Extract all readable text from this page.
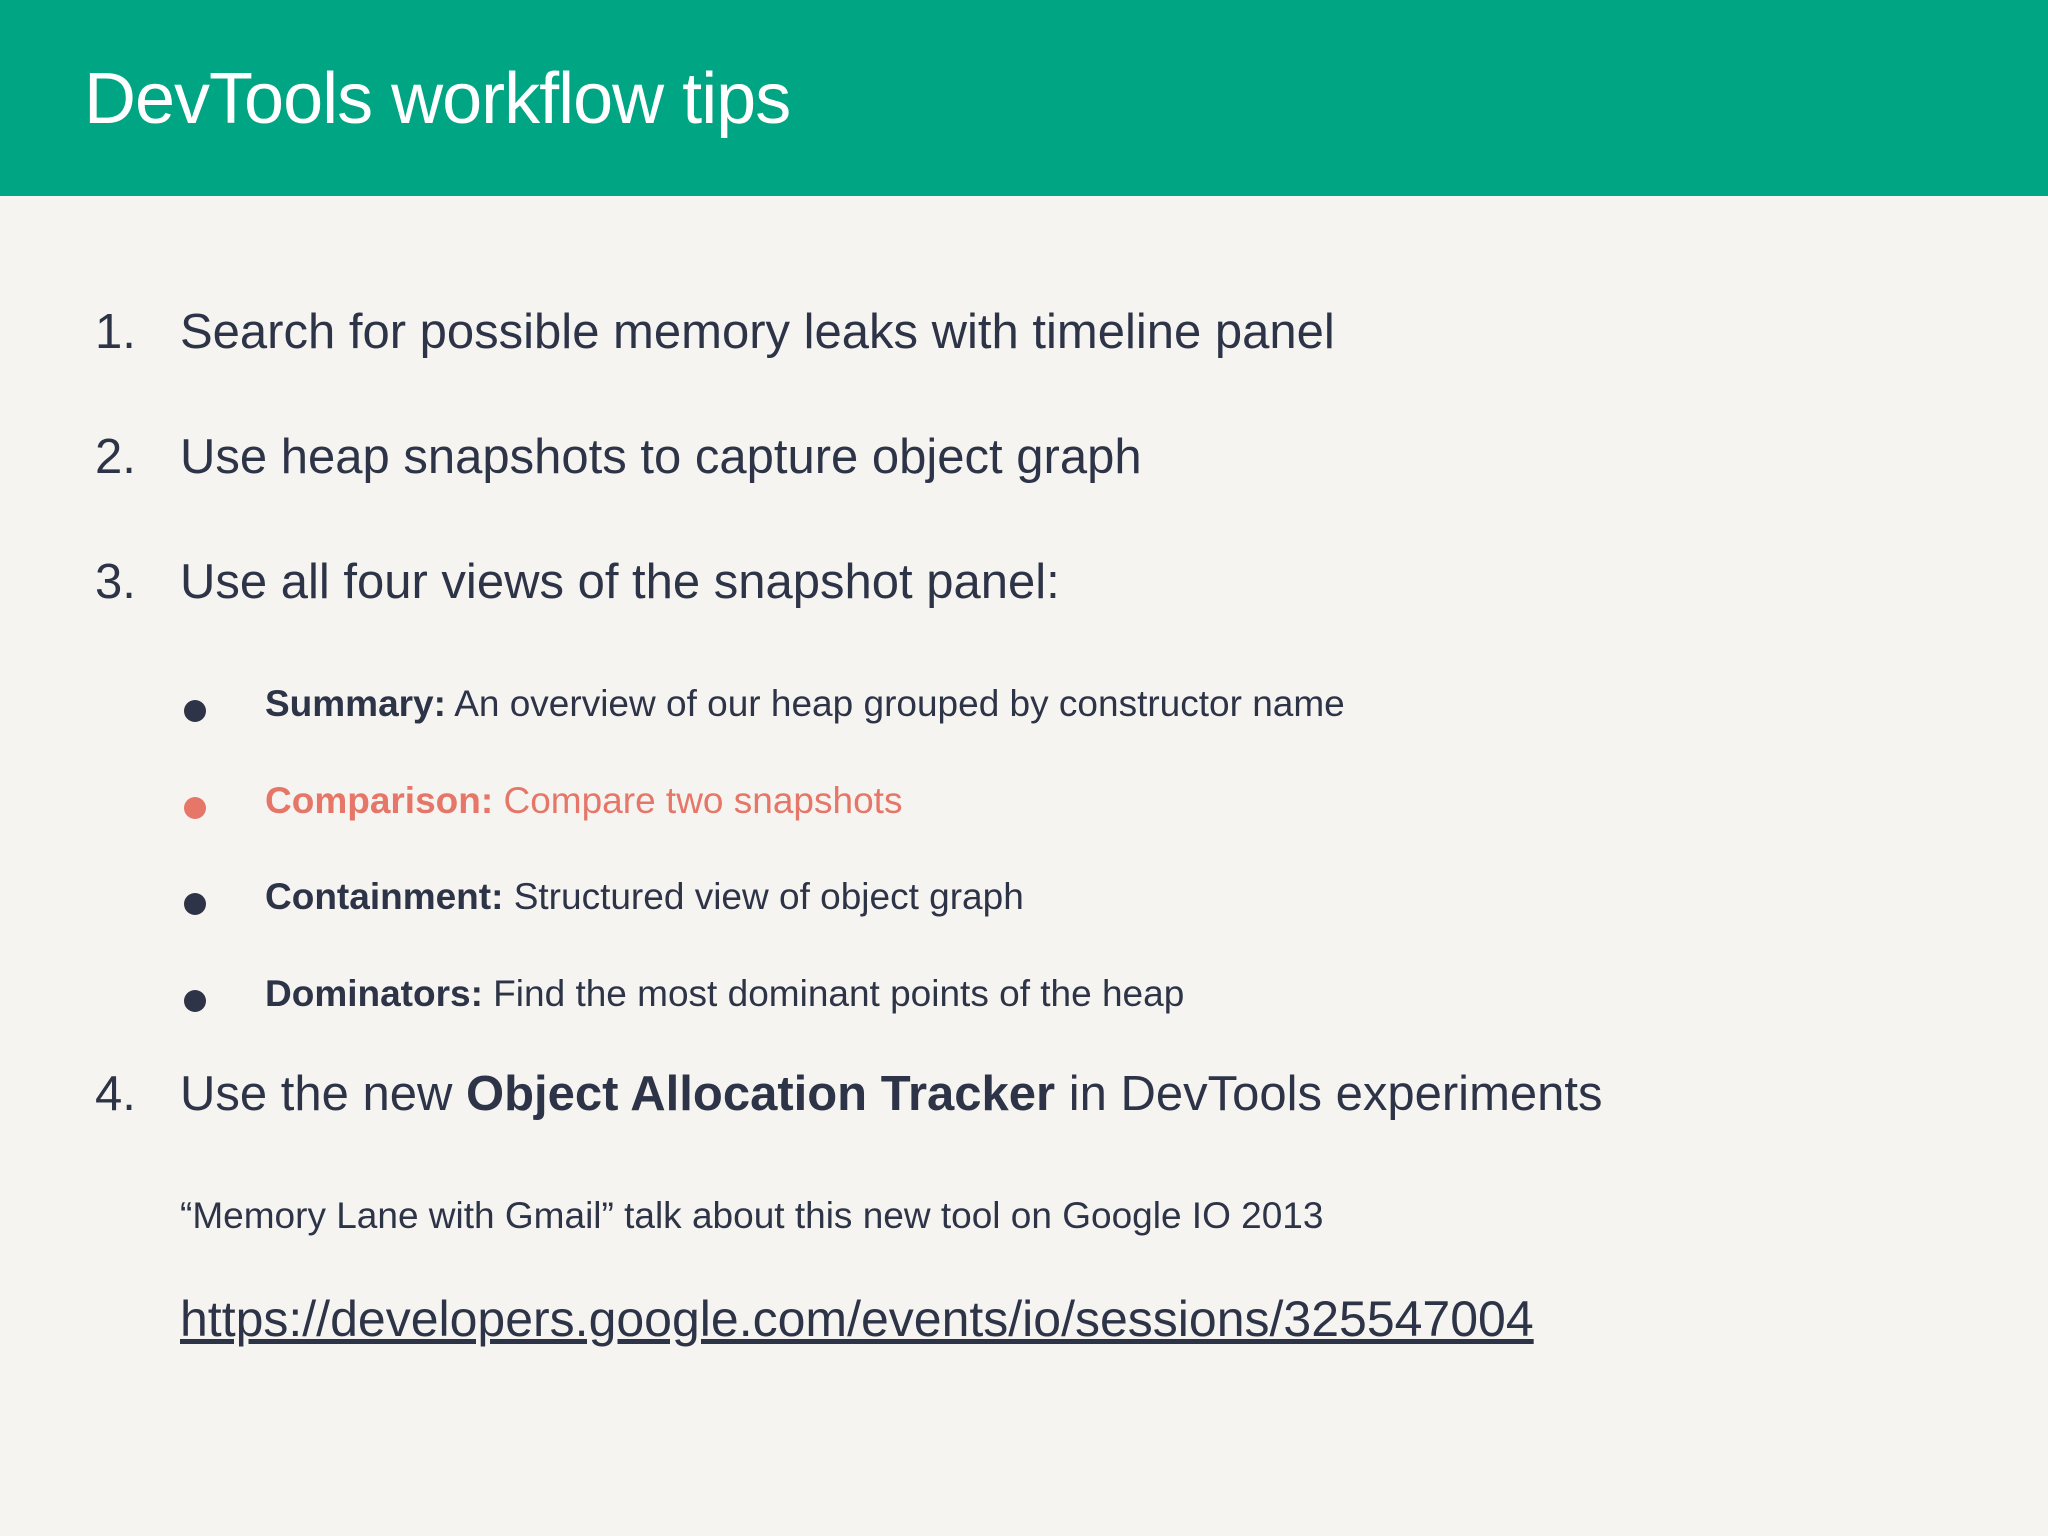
DevTools workflow tips
1. Search for possible memory leaks with timeline panel
2. Use heap snapshots to capture object graph
3. Use all four views of the snapshot panel:
Summary: An overview of our heap grouped by constructor name
Comparison: Compare two snapshots
Containment: Structured view of object graph
Dominators: Find the most dominant points of the heap
4. Use the new Object Allocation Tracker in DevTools experiments
“Memory Lane with Gmail” talk about this new tool on Google IO 2013
https://developers.google.com/events/io/sessions/325547004
